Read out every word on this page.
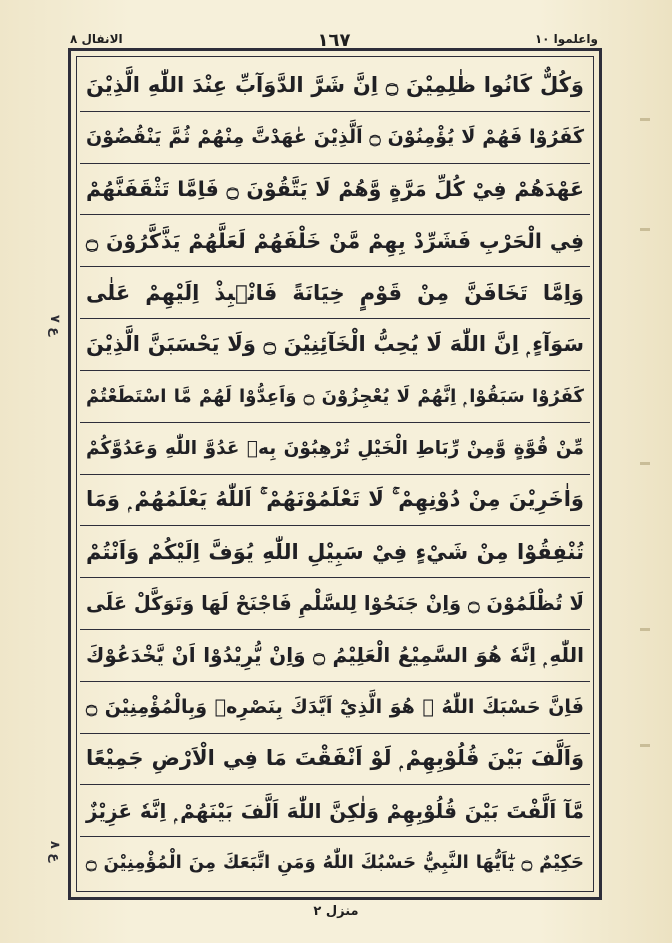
واعلموا ۱۰
۱٦٧
الانفال ۸
وَكُلٌّ كَانُوا ظٰلِمِيْنَ ۝ اِنَّ شَرَّ الدَّوَآبِّ عِنْدَ اللّٰهِ الَّذِيْنَ
كَفَرُوْا فَهُمْ لَا يُؤْمِنُوْنَ ۝ اَلَّذِيْنَ عٰهَدْتَّ مِنْهُمْ ثُمَّ يَنْقُضُوْنَ
عَهْدَهُمْ فِيْ كُلِّ مَرَّةٍ وَّهُمْ لَا يَتَّقُوْنَ ۝ فَاِمَّا تَثْقَفَنَّهُمْ
فِي الْحَرْبِ فَشَرِّدْ بِهِمْ مَّنْ خَلْفَهُمْ لَعَلَّهُمْ يَذَّكَّرُوْنَ ۝
وَاِمَّا تَخَافَنَّ مِنْ قَوْمٍ خِيَانَةً فَانْۢبِذْ اِلَيْهِمْ عَلٰى
سَوَآءٍ ۭ اِنَّ اللّٰهَ لَا يُحِبُّ الْخَآئِنِيْنَ ۝ وَلَا يَحْسَبَنَّ الَّذِيْنَ
كَفَرُوْا سَبَقُوْا ۭ اِنَّهُمْ لَا يُعْجِزُوْنَ ۝ وَاَعِدُّوْا لَهُمْ مَّا اسْتَطَعْتُمْ
مِّنْ قُوَّةٍ وَّمِنْ رِّبَاطِ الْخَيْلِ تُرْهِبُوْنَ بِهٖ عَدُوَّ اللّٰهِ وَعَدُوَّكُمْ
وَاٰخَرِيْنَ مِنْ دُوْنِهِمْ ۚ لَا تَعْلَمُوْنَهُمْ ۚ اَللّٰهُ يَعْلَمُهُمْ ۭ وَمَا
تُنْفِقُوْا مِنْ شَيْءٍ فِيْ سَبِيْلِ اللّٰهِ يُوَفَّ اِلَيْكُمْ وَاَنْتُمْ
لَا تُظْلَمُوْنَ ۝ وَاِنْ جَنَحُوْا لِلسَّلْمِ فَاجْنَحْ لَهَا وَتَوَكَّلْ عَلَى
اللّٰهِ ۭ اِنَّهٗ هُوَ السَّمِيْعُ الْعَلِيْمُ ۝ وَاِنْ يُّرِيْدُوْا اَنْ يَّخْدَعُوْكَ
فَاِنَّ حَسْبَكَ اللّٰهُ ۭ هُوَ الَّذِيْٓ اَيَّدَكَ بِنَصْرِهٖ وَبِالْمُؤْمِنِيْنَ ۝
وَاَلَّفَ بَيْنَ قُلُوْبِهِمْ ۭ لَوْ اَنْفَقْتَ مَا فِي الْاَرْضِ جَمِيْعًا
مَّآ اَلَّفْتَ بَيْنَ قُلُوْبِهِمْ وَلٰكِنَّ اللّٰهَ اَلَّفَ بَيْنَهُمْ ۭ اِنَّهٗ عَزِيْزٌ
حَكِيْمٌ ۝ يٰٓاَيُّهَا النَّبِيُّ حَسْبُكَ اللّٰهُ وَمَنِ اتَّبَعَكَ مِنَ الْمُؤْمِنِيْنَ ۝
ع ۷
ع ۸
منزل ۲
